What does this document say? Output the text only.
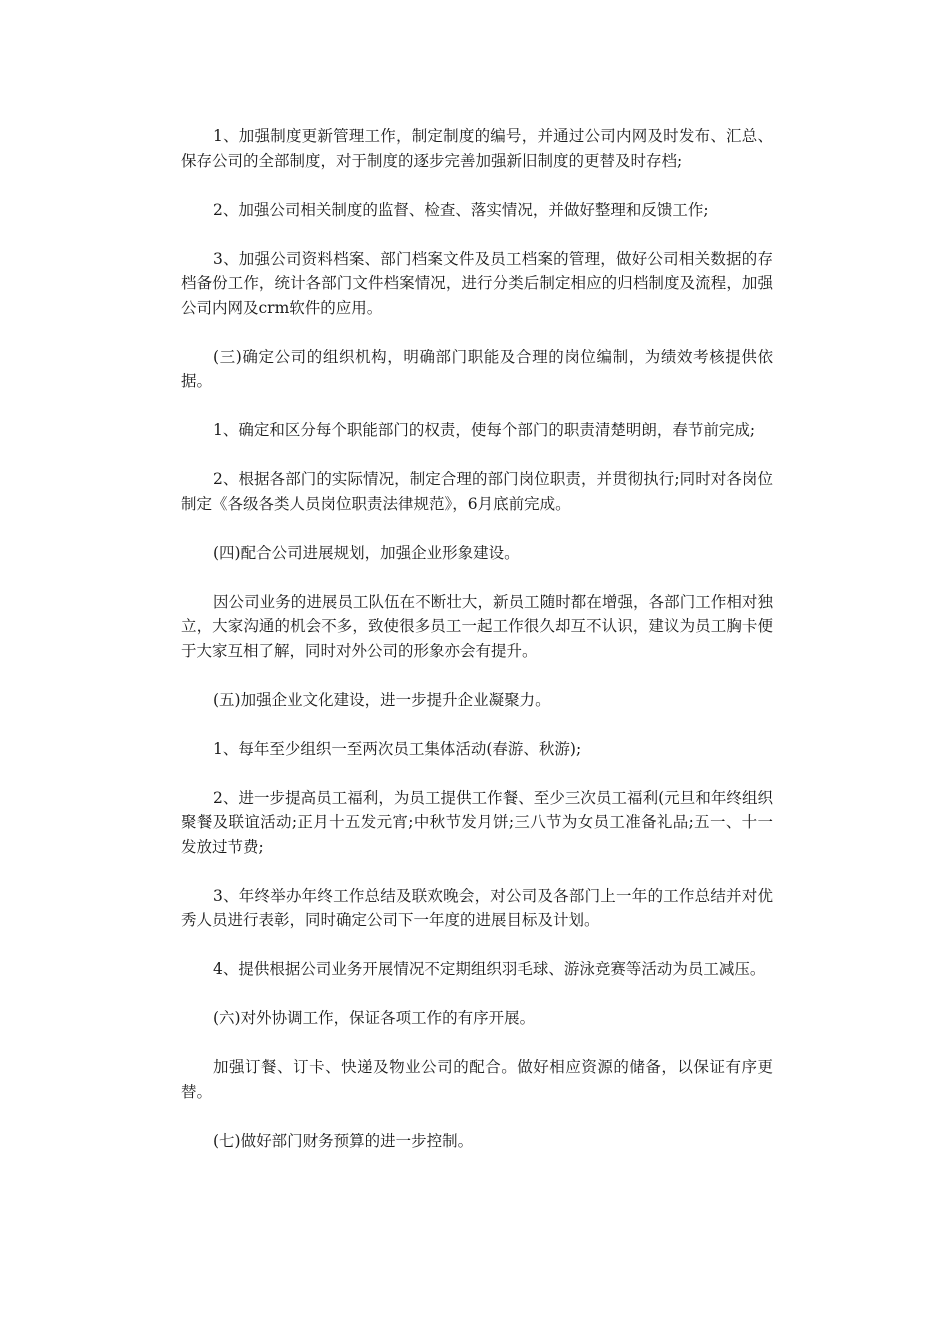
1、加强制度更新管理工作，制定制度的编号，并通过公司内网及时发布、汇总、保存公司的全部制度，对于制度的逐步完善加强新旧制度的更替及时存档;

2、加强公司相关制度的监督、检查、落实情况，并做好整理和反馈工作;

3、加强公司资料档案、部门档案文件及员工档案的管理，做好公司相关数据的存档备份工作，统计各部门文件档案情况，进行分类后制定相应的归档制度及流程，加强公司内网及crm软件的应用。

(三)确定公司的组织机构，明确部门职能及合理的岗位编制，为绩效考核提供依据。

1、确定和区分每个职能部门的权责，使每个部门的职责清楚明朗，春节前完成;

2、根据各部门的实际情况，制定合理的部门岗位职责，并贯彻执行;同时对各岗位制定《各级各类人员岗位职责法律规范》，6月底前完成。

(四)配合公司进展规划，加强企业形象建设。

因公司业务的进展员工队伍在不断壮大，新员工随时都在增强，各部门工作相对独立，大家沟通的机会不多，致使很多员工一起工作很久却互不认识，建议为员工胸卡便于大家互相了解，同时对外公司的形象亦会有提升。

(五)加强企业文化建设，进一步提升企业凝聚力。

1、每年至少组织一至两次员工集体活动(春游、秋游);

2、进一步提高员工福利，为员工提供工作餐、至少三次员工福利(元旦和年终组织聚餐及联谊活动;正月十五发元宵;中秋节发月饼;三八节为女员工准备礼品;五一、十一发放过节费;

3、年终举办年终工作总结及联欢晚会，对公司及各部门上一年的工作总结并对优秀人员进行表彰，同时确定公司下一年度的进展目标及计划。

4、提供根据公司业务开展情况不定期组织羽毛球、游泳竞赛等活动为员工减压。

(六)对外协调工作，保证各项工作的有序开展。

加强订餐、订卡、快递及物业公司的配合。做好相应资源的储备，以保证有序更替。

(七)做好部门财务预算的进一步控制。
